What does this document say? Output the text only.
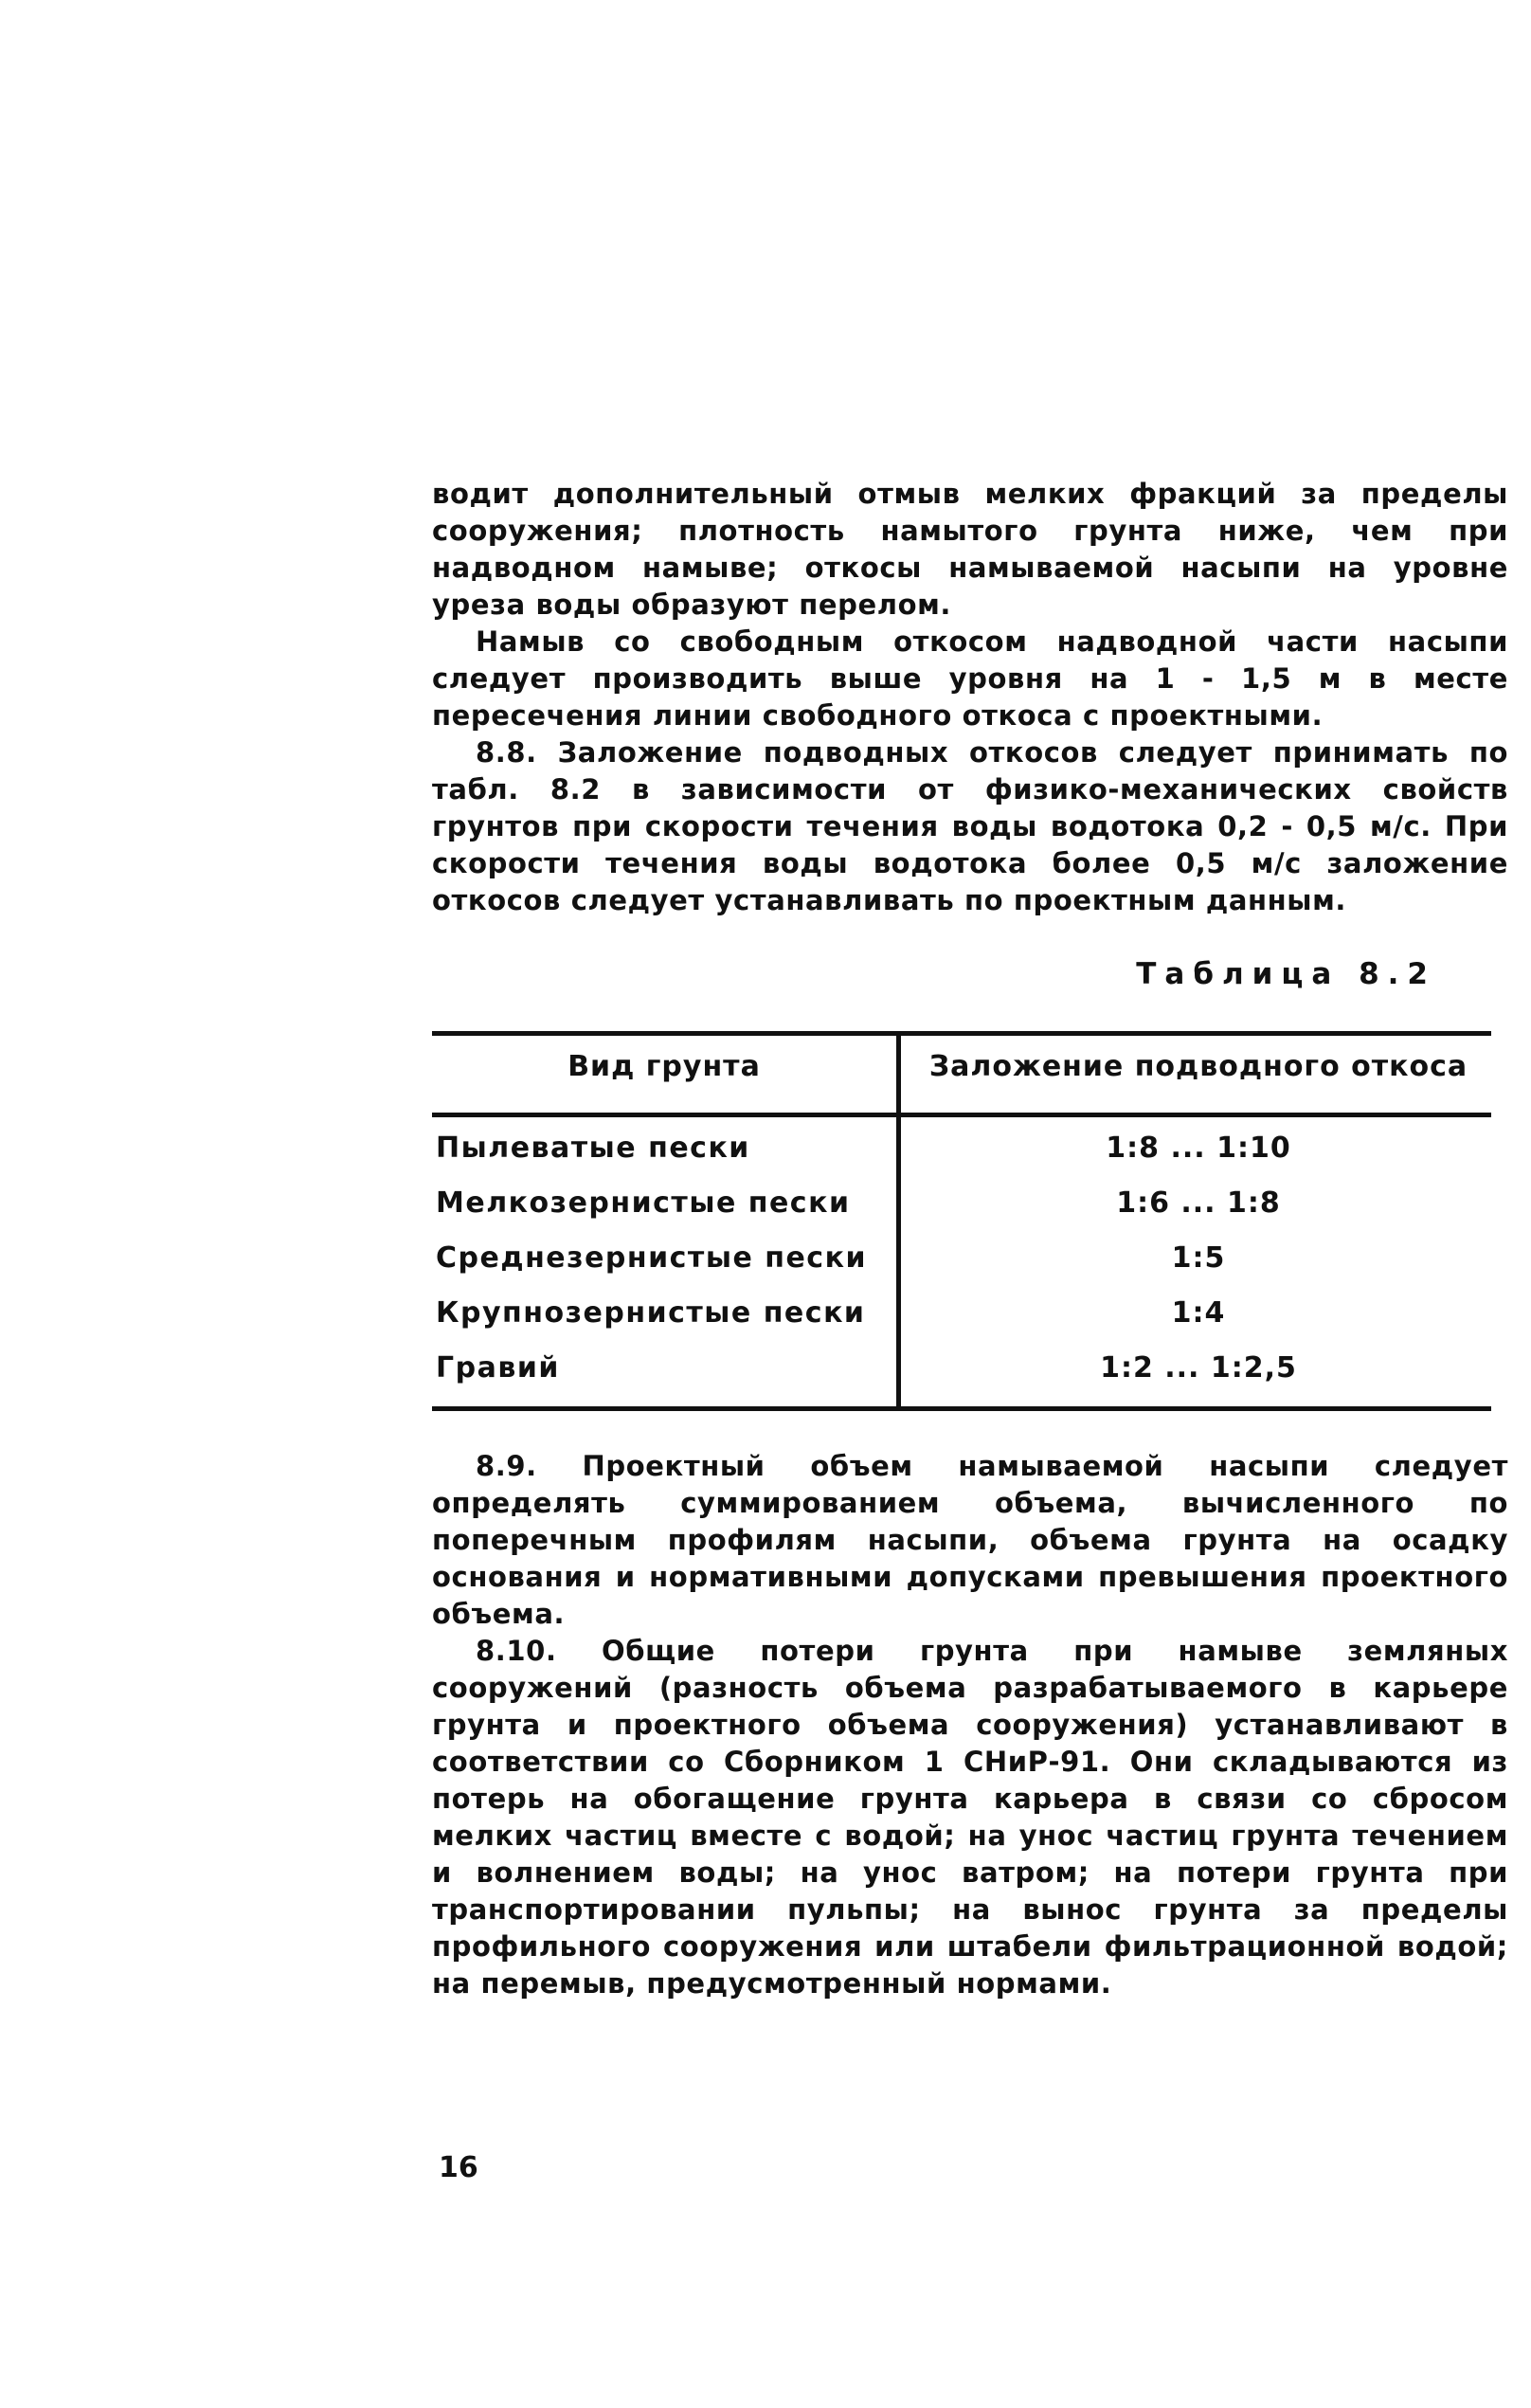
водит дополнительный отмыв мелких фракций за пределы сооружения; плотность намытого грунта ниже, чем при надводном намыве; откосы намываемой насыпи на уровне уреза воды образуют перелом.

Намыв со свободным откосом надводной части насыпи следует производить выше уровня на 1 - 1,5 м в месте пересечения линии свободного откоса с проектными.

8.8. Заложение подводных откосов следует принимать по табл. 8.2 в зависимости от физико-механических свойств грунтов при скорости течения воды водотока 0,2 - 0,5 м/с. При скорости течения воды водотока более 0,5 м/с заложение откосов следует устанавливать по проектным данным.

Таблица 8.2
Вид грунта	Заложение подводного откоса
Пылеватые пески	1:8 ... 1:10
Мелкозернистые пески	1:6 ... 1:8
Среднезернистые пески	1:5
Крупнозернистые пески	1:4
Гравий	1:2 ... 1:2,5

8.9. Проектный объем намываемой насыпи следует определять суммированием объема, вычисленного по поперечным профилям насыпи, объема грунта на осадку основания и нормативными допусками превышения проектного объема.

8.10. Общие потери грунта при намыве земляных сооружений (разность объема разрабатываемого в карьере грунта и проектного объема сооружения) устанавливают в соответствии со Сборником 1 СНиР-91. Они складываются из потерь на обогащение грунта карьера в связи со сбросом мелких частиц вместе с водой; на унос частиц грунта течением и волнением воды; на унос ватром; на потери грунта при транспортировании пульпы; на вынос грунта за пределы профильного сооружения или штабели фильтрационной водой; на перемыв, предусмотренный нормами.

16
